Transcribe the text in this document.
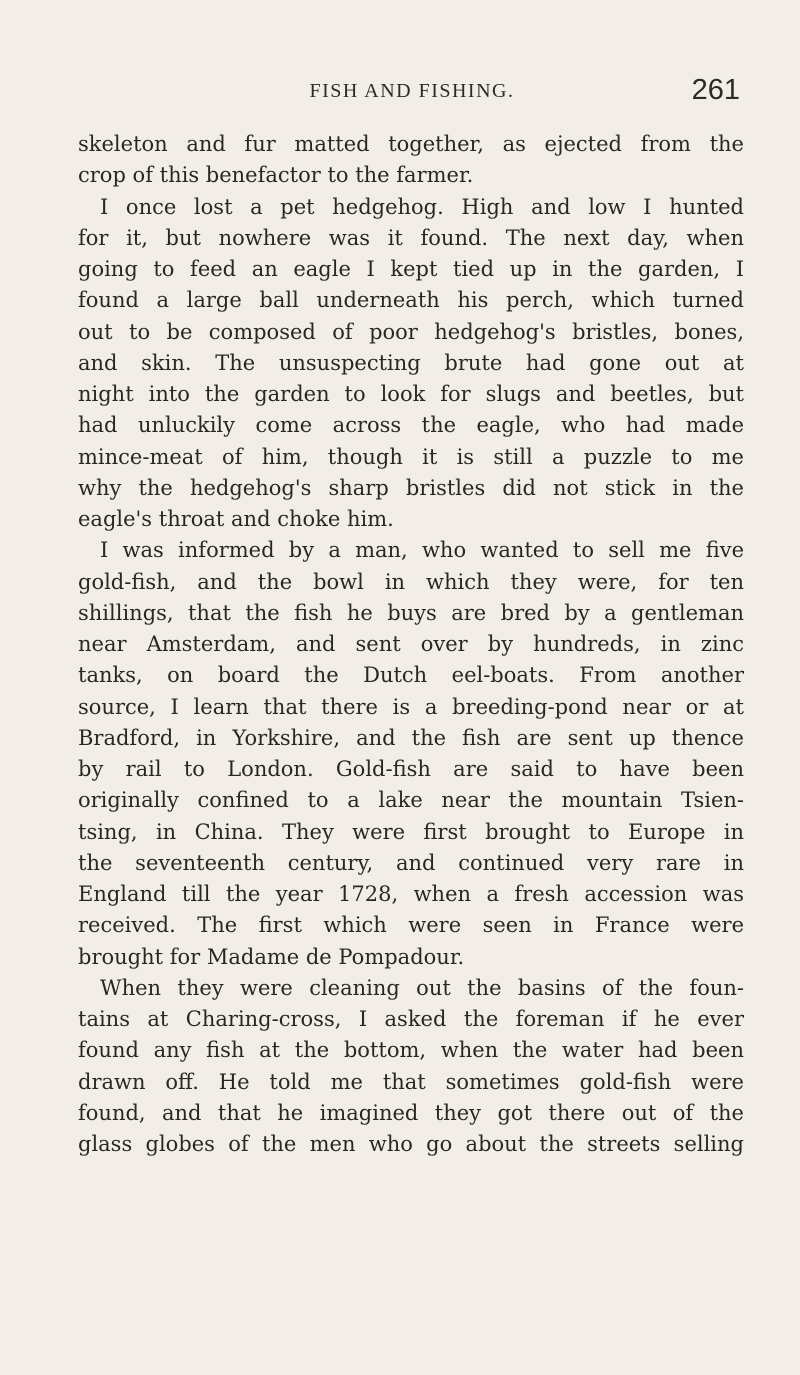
FISH AND FISHING.	261
skeleton and fur matted together, as ejected from the
crop of this benefactor to the farmer.
I once lost a pet hedgehog. High and low I hunted
for it, but nowhere was it found. The next day, when
going to feed an eagle I kept tied up in the garden, I
found a large ball underneath his perch, which turned
out to be composed of poor hedgehog's bristles, bones,
and skin. The unsuspecting brute had gone out at
night into the garden to look for slugs and beetles, but
had unluckily come across the eagle, who had made
mince-meat of him, though it is still a puzzle to me
why the hedgehog's sharp bristles did not stick in the
eagle's throat and choke him.
I was informed by a man, who wanted to sell me five
gold-fish, and the bowl in which they were, for ten
shillings, that the fish he buys are bred by a gentleman
near Amsterdam, and sent over by hundreds, in zinc
tanks, on board the Dutch eel-boats. From another
source, I learn that there is a breeding-pond near or at
Bradford, in Yorkshire, and the fish are sent up thence
by rail to London. Gold-fish are said to have been
originally confined to a lake near the mountain Tsien-
tsing, in China. They were first brought to Europe in
the seventeenth century, and continued very rare in
England till the year 1728, when a fresh accession was
received. The first which were seen in France were
brought for Madame de Pompadour.
When they were cleaning out the basins of the foun-
tains at Charing-cross, I asked the foreman if he ever
found any fish at the bottom, when the water had been
drawn off. He told me that sometimes gold-fish were
found, and that he imagined they got there out of the
glass globes of the men who go about the streets selling
